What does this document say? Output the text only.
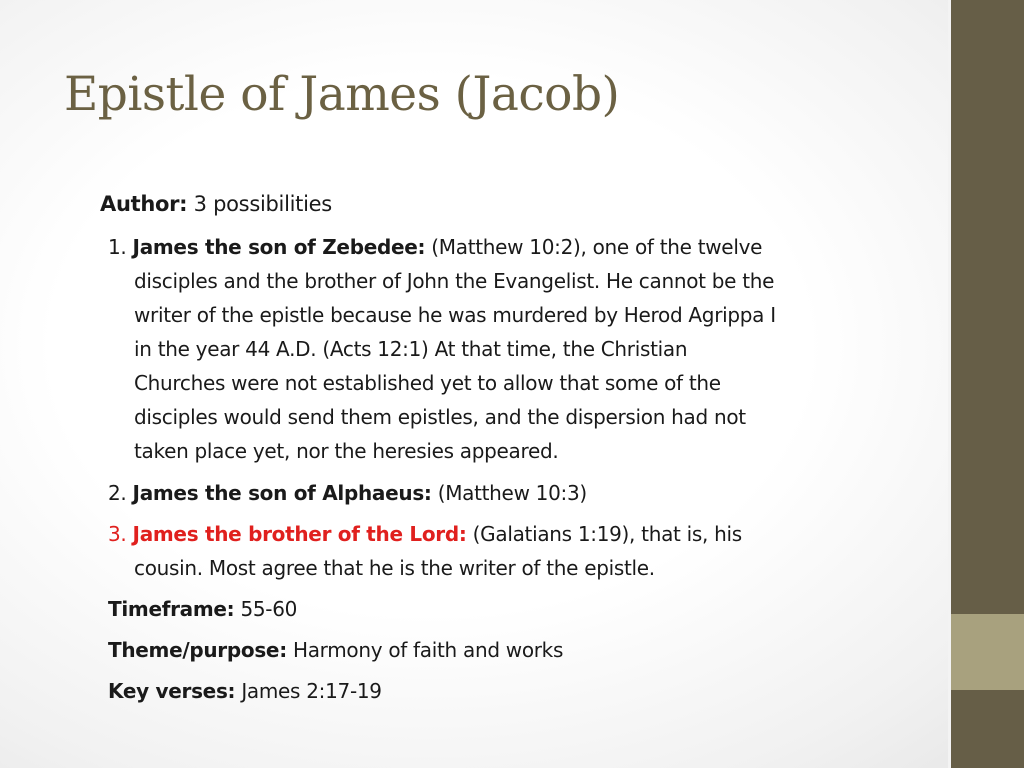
Epistle of James (Jacob)
Author: 3 possibilities
1. James the son of Zebedee: (Matthew 10:2), one of the twelve
disciples and the brother of John the Evangelist. He cannot be the
writer of the epistle because he was murdered by Herod Agrippa I
in the year 44 A.D. (Acts 12:1) At that time, the Christian
Churches were not established yet to allow that some of the
disciples would send them epistles, and the dispersion had not
taken place yet, nor the heresies appeared.
2. James the son of Alphaeus: (Matthew 10:3)
3. James the brother of the Lord: (Galatians 1:19), that is, his
cousin. Most agree that he is the writer of the epistle.
Timeframe: 55-60
Theme/purpose: Harmony of faith and works
Key verses: James 2:17-19
